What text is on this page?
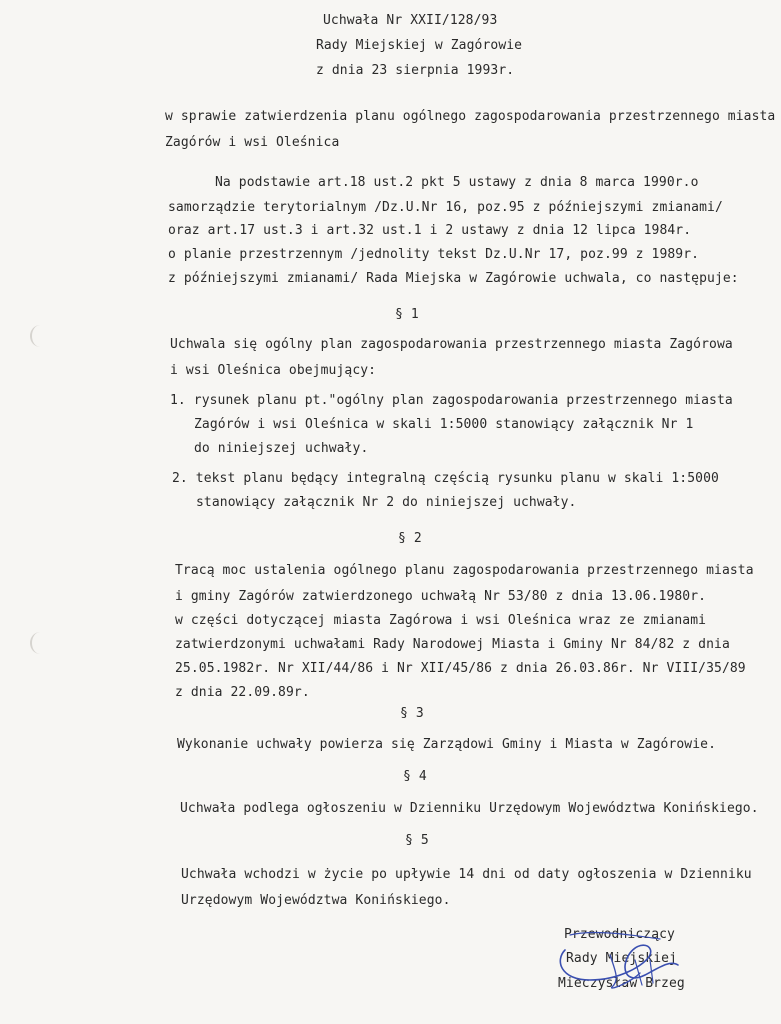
Uchwała Nr XXII/128/93
Rady Miejskiej w Zagórowie
z dnia 23 sierpnia 1993r.
w sprawie zatwierdzenia planu ogólnego zagospodarowania przestrzennego miasta
Zagórów i wsi Oleśnica
Na podstawie art.18 ust.2 pkt 5 ustawy z dnia 8 marca 1990r.o
samorządzie terytorialnym /Dz.U.Nr 16, poz.95 z późniejszymi zmianami/
oraz art.17 ust.3 i art.32 ust.1 i 2 ustawy z dnia 12 lipca 1984r.
o planie przestrzennym /jednolity tekst Dz.U.Nr 17, poz.99 z 1989r.
z późniejszymi zmianami/ Rada Miejska w Zagórowie uchwala, co następuje:
§ 1
Uchwala się ogólny plan zagospodarowania przestrzennego miasta Zagórowa
i wsi Oleśnica obejmujący:
1. rysunek planu pt."ogólny plan zagospodarowania przestrzennego miasta
Zagórów i wsi Oleśnica w skali 1:5000 stanowiący załącznik Nr 1
do niniejszej uchwały.
2. tekst planu będący integralną częścią rysunku planu w skali 1:5000
stanowiący załącznik Nr 2 do niniejszej uchwały.
§ 2
Tracą moc ustalenia ogólnego planu zagospodarowania przestrzennego miasta
i gminy Zagórów zatwierdzonego uchwałą Nr 53/80 z dnia 13.06.1980r.
w części dotyczącej miasta Zagórowa i wsi Oleśnica wraz ze zmianami
zatwierdzonymi uchwałami Rady Narodowej Miasta i Gminy Nr 84/82 z dnia
25.05.1982r. Nr XII/44/86 i Nr XII/45/86 z dnia 26.03.86r. Nr VIII/35/89
z dnia 22.09.89r.
§ 3
Wykonanie uchwały powierza się Zarządowi Gminy i Miasta w Zagórowie.
§ 4
Uchwała podlega ogłoszeniu w Dzienniku Urzędowym Województwa Konińskiego.
§ 5
Uchwała wchodzi w życie po upływie 14 dni od daty ogłoszenia w Dzienniku
Urzędowym Województwa Konińskiego.
Przewodniczący
Rady Miejskiej
Mieczysław Brzeg
